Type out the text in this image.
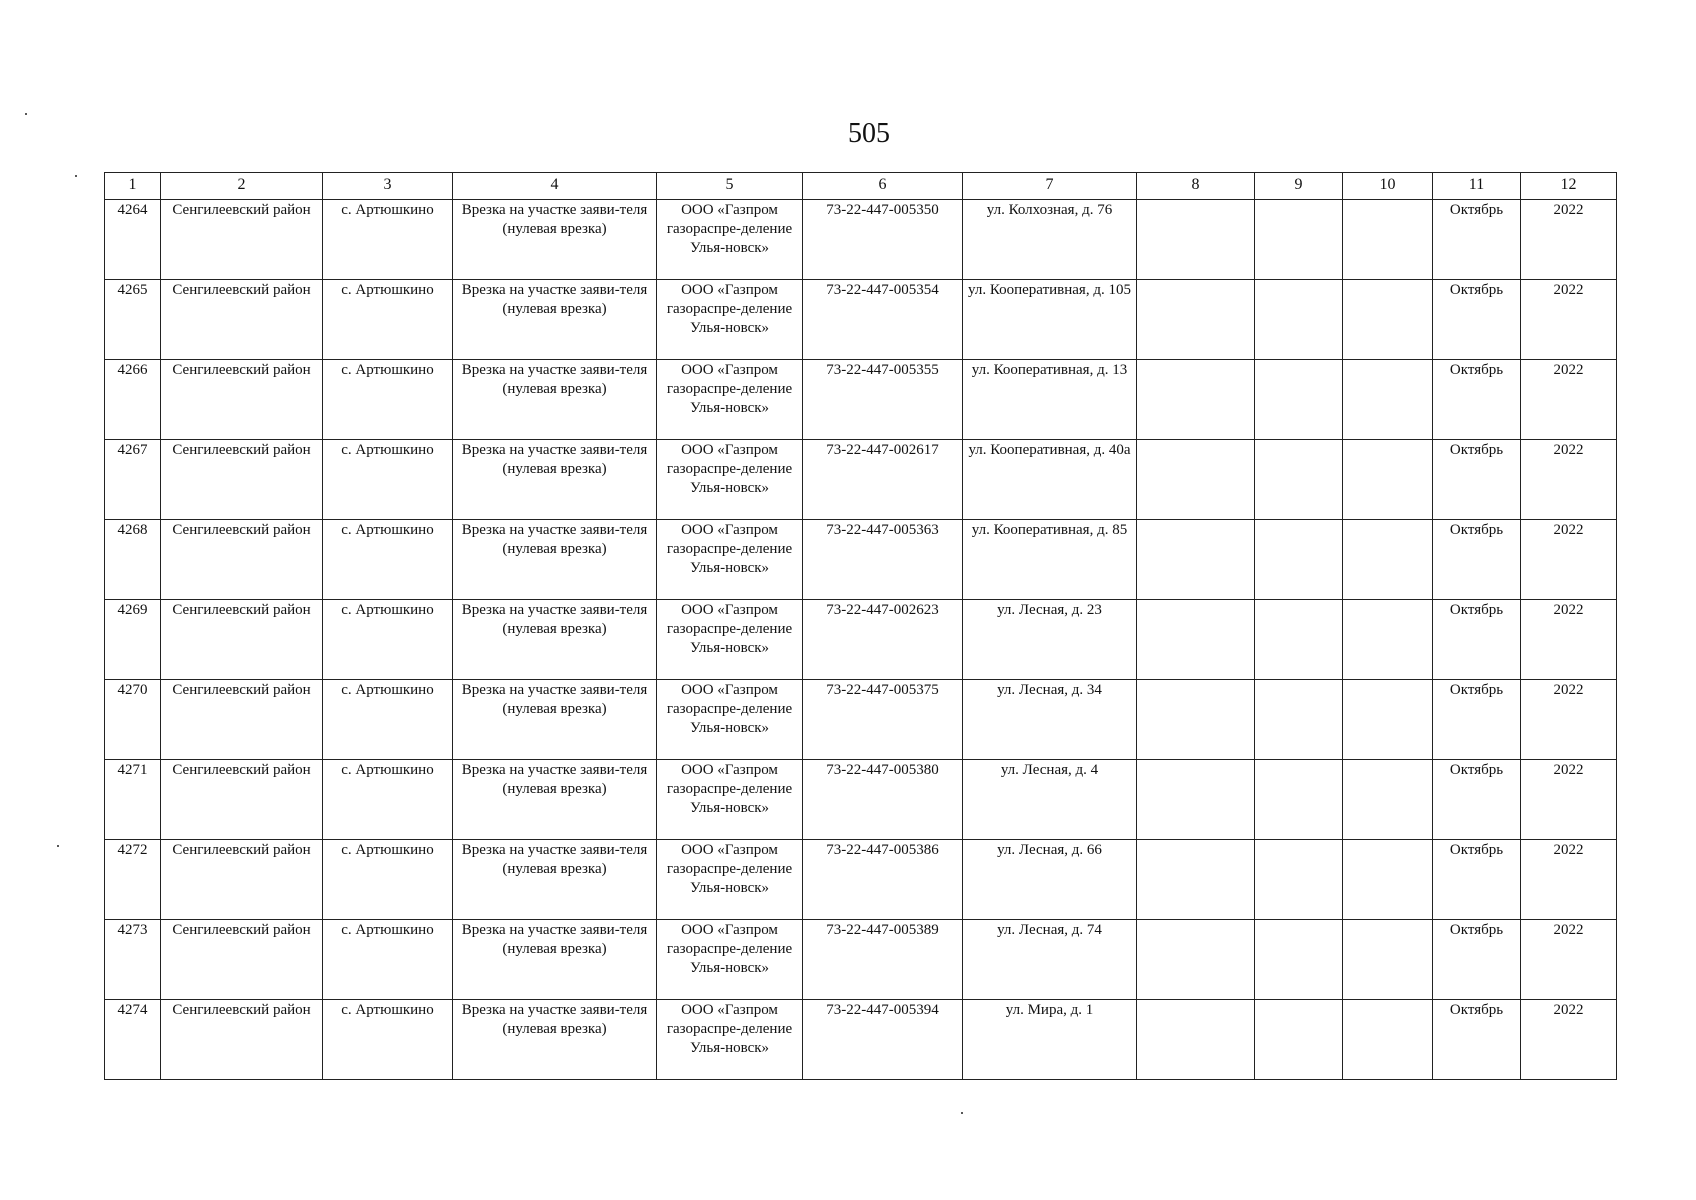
505
1	2	3	4	5	6	7	8	9	10	11	12
4264	Сенгилеевский район	с. Артюшкино	Врезка на участке заяви-теля (нулевая врезка)	ООО «Газпром газораспре-деление Улья-новск»	73-22-447-005350	ул. Колхозная, д. 76				Октябрь	2022
4265	Сенгилеевский район	с. Артюшкино	Врезка на участке заяви-теля (нулевая врезка)	ООО «Газпром газораспре-деление Улья-новск»	73-22-447-005354	ул. Кооперативная, д. 105				Октябрь	2022
4266	Сенгилеевский район	с. Артюшкино	Врезка на участке заяви-теля (нулевая врезка)	ООО «Газпром газораспре-деление Улья-новск»	73-22-447-005355	ул. Кооперативная, д. 13				Октябрь	2022
4267	Сенгилеевский район	с. Артюшкино	Врезка на участке заяви-теля (нулевая врезка)	ООО «Газпром газораспре-деление Улья-новск»	73-22-447-002617	ул. Кооперативная, д. 40а				Октябрь	2022
4268	Сенгилеевский район	с. Артюшкино	Врезка на участке заяви-теля (нулевая врезка)	ООО «Газпром газораспре-деление Улья-новск»	73-22-447-005363	ул. Кооперативная, д. 85				Октябрь	2022
4269	Сенгилеевский район	с. Артюшкино	Врезка на участке заяви-теля (нулевая врезка)	ООО «Газпром газораспре-деление Улья-новск»	73-22-447-002623	ул. Лесная, д. 23				Октябрь	2022
4270	Сенгилеевский район	с. Артюшкино	Врезка на участке заяви-теля (нулевая врезка)	ООО «Газпром газораспре-деление Улья-новск»	73-22-447-005375	ул. Лесная, д. 34				Октябрь	2022
4271	Сенгилеевский район	с. Артюшкино	Врезка на участке заяви-теля (нулевая врезка)	ООО «Газпром газораспре-деление Улья-новск»	73-22-447-005380	ул. Лесная, д. 4				Октябрь	2022
4272	Сенгилеевский район	с. Артюшкино	Врезка на участке заяви-теля (нулевая врезка)	ООО «Газпром газораспре-деление Улья-новск»	73-22-447-005386	ул. Лесная, д. 66				Октябрь	2022
4273	Сенгилеевский район	с. Артюшкино	Врезка на участке заяви-теля (нулевая врезка)	ООО «Газпром газораспре-деление Улья-новск»	73-22-447-005389	ул. Лесная, д. 74				Октябрь	2022
4274	Сенгилеевский район	с. Артюшкино	Врезка на участке заяви-теля (нулевая врезка)	ООО «Газпром газораспре-деление Улья-новск»	73-22-447-005394	ул. Мира, д. 1				Октябрь	2022
